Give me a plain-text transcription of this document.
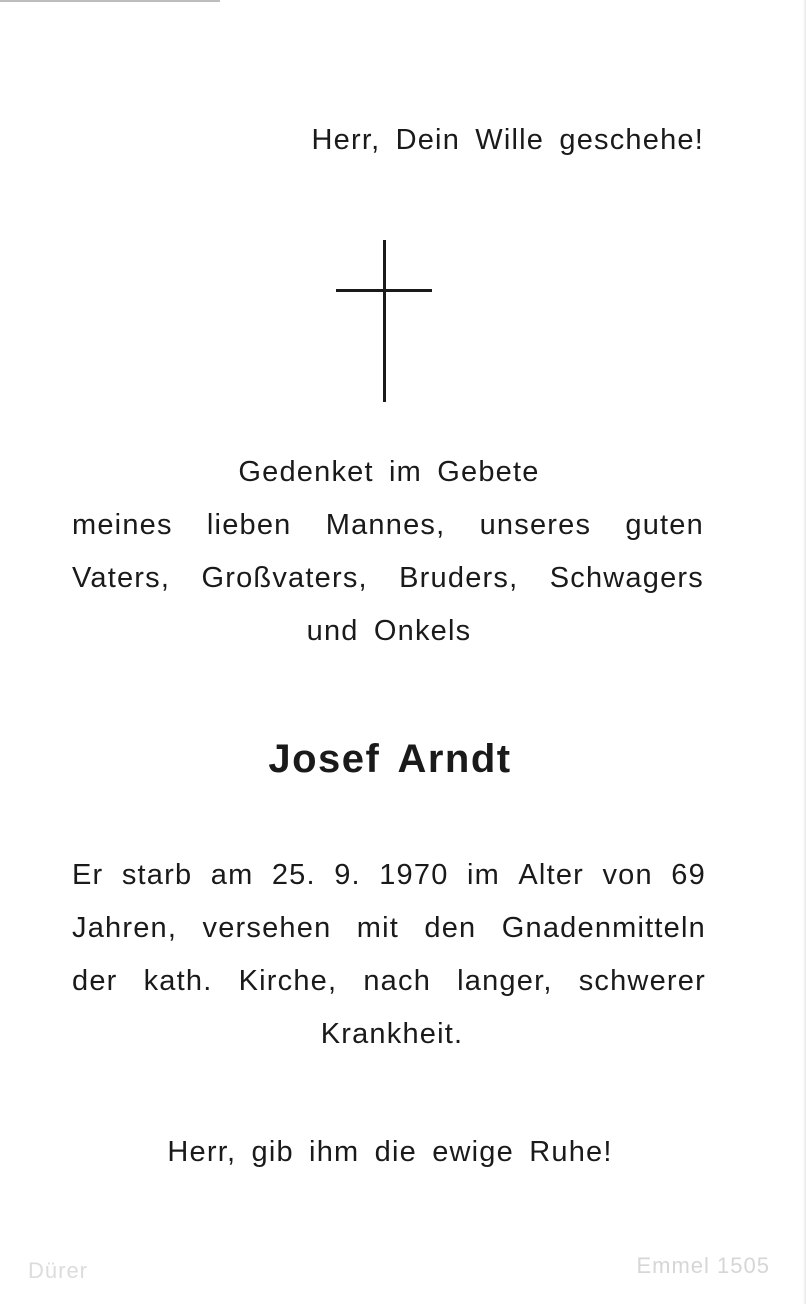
Herr, Dein Wille geschehe!
Gedenket im Gebete
meines lieben Mannes, unseres guten
Vaters, Großvaters, Bruders, Schwagers
und Onkels
Josef Arndt
Er starb am 25. 9. 1970 im Alter von 69
Jahren, versehen mit den Gnadenmitteln
der kath. Kirche, nach langer, schwerer
Krankheit.
Herr, gib ihm die ewige Ruhe!
Dürer	Emmel 1505
